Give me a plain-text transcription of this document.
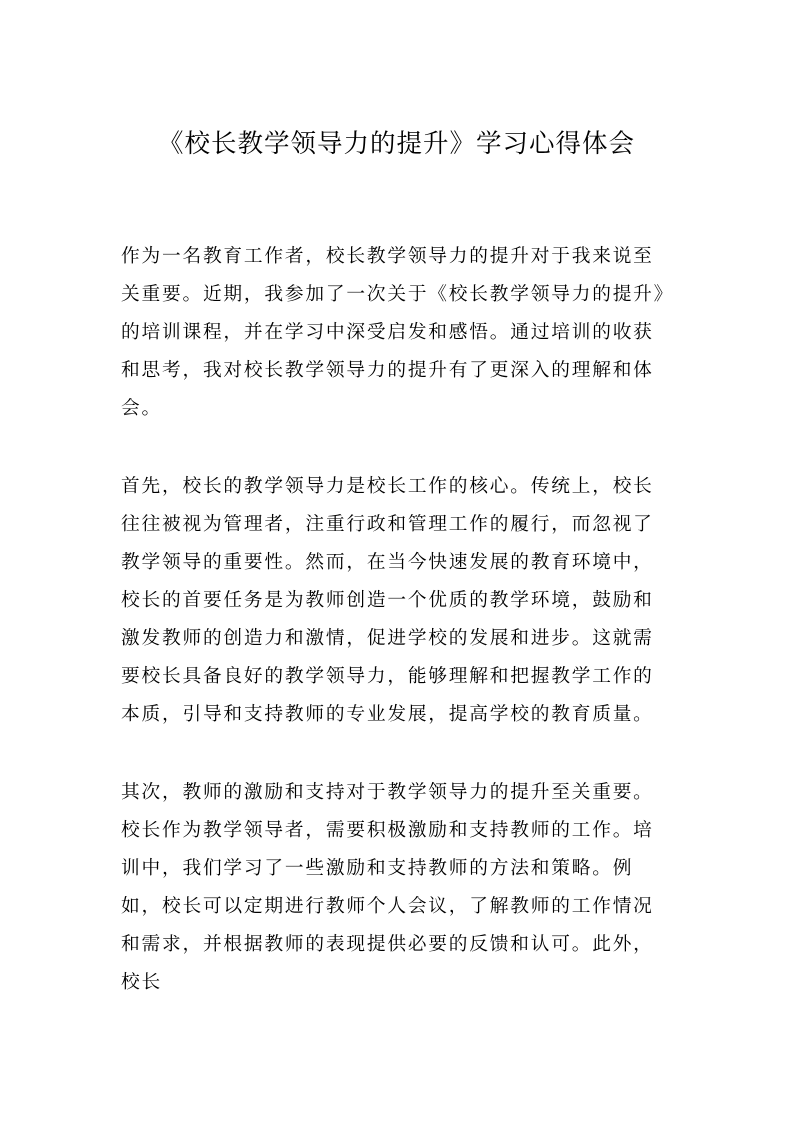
《校长教学领导力的提升》学习心得体会

作为一名教育工作者，校长教学领导力的提升对于我来说至关重要。近期，我参加了一次关于《校长教学领导力的提升》的培训课程，并在学习中深受启发和感悟。通过培训的收获和思考，我对校长教学领导力的提升有了更深入的理解和体会。

首先，校长的教学领导力是校长工作的核心。传统上，校长往往被视为管理者，注重行政和管理工作的履行，而忽视了教学领导的重要性。然而，在当今快速发展的教育环境中，校长的首要任务是为教师创造一个优质的教学环境，鼓励和激发教师的创造力和激情，促进学校的发展和进步。这就需要校长具备良好的教学领导力，能够理解和把握教学工作的本质，引导和支持教师的专业发展，提高学校的教育质量。

其次，教师的激励和支持对于教学领导力的提升至关重要。校长作为教学领导者，需要积极激励和支持教师的工作。培训中，我们学习了一些激励和支持教师的方法和策略。例如，校长可以定期进行教师个人会议，了解教师的工作情况和需求，并根据教师的表现提供必要的反馈和认可。此外，校长
